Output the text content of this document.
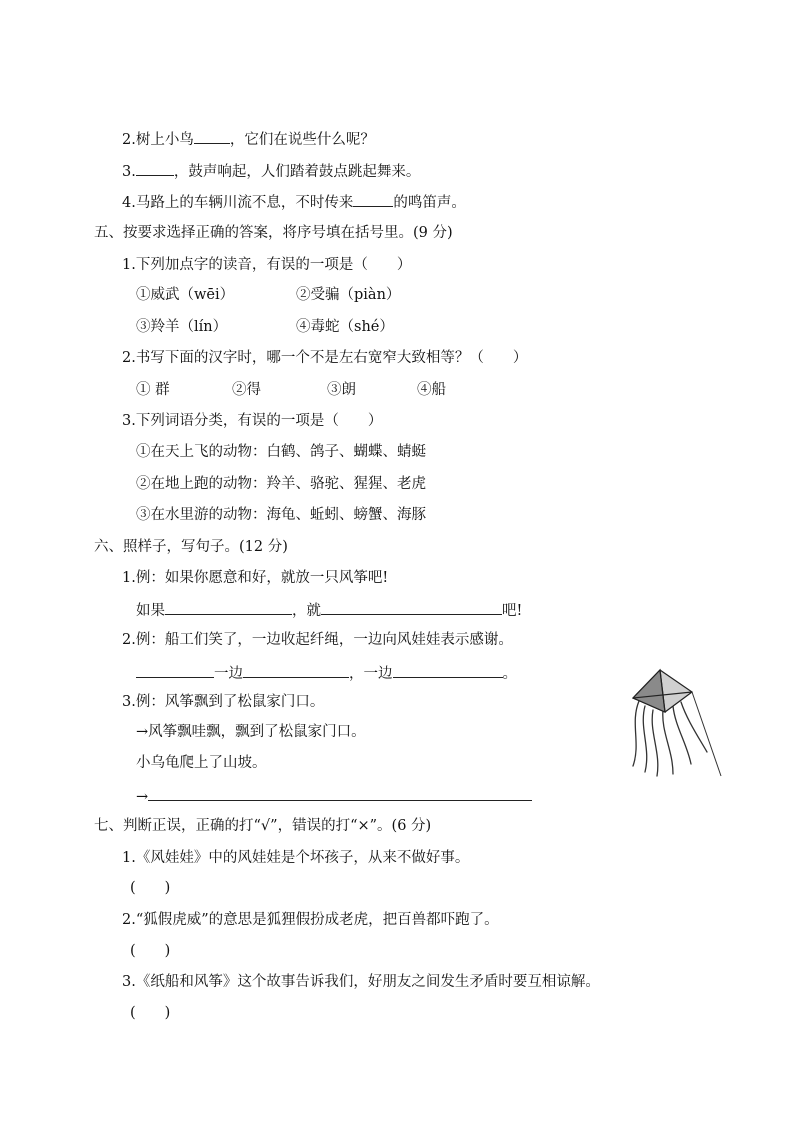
2.树上小鸟 ，它们在说些什么呢？
3.	，鼓声响起，人们踏着鼓点跳起舞来。
4.马路上的车辆川流不息，不时传来	的鸣笛声。
五、按要求选择正确的答案，将序号填在括号里。(9 分)
1.下列加点字的读音，有误的一项是（　　）
①威武（wēi）	②受骗（piàn）
③羚羊（lín）	④毒蛇（shé）
2.书写下面的汉字时，哪一个不是左右宽窄大致相等？（　　）
① 群	②得	③朗	④船
3.下列词语分类，有误的一项是（　　）
①在天上飞的动物：白鹤、鸽子、蝴蝶、蜻蜓
②在地上跑的动物：羚羊、骆驼、猩猩、老虎
③在水里游的动物：海龟、蚯蚓、螃蟹、海豚
六、照样子，写句子。(12 分)
1.例：如果你愿意和好，就放一只风筝吧!
如果	，就	吧!
2.例：船工们笑了，一边收起纤绳，一边向风娃娃表示感谢。
一边	，一边	。
3.例：风筝飘到了松鼠家门口。
→风筝飘哇飘，飘到了松鼠家门口。
小乌龟爬上了山坡。
→
七、判断正误，正确的打“√”，错误的打“×”。(6 分)
1.《风娃娃》中的风娃娃是个坏孩子，从来不做好事。
(　　)
2.“狐假虎威”的意思是狐狸假扮成老虎，把百兽都吓跑了。
(　　)
3.《纸船和风筝》这个故事告诉我们，好朋友之间发生矛盾时要互相谅解。
(　　)
